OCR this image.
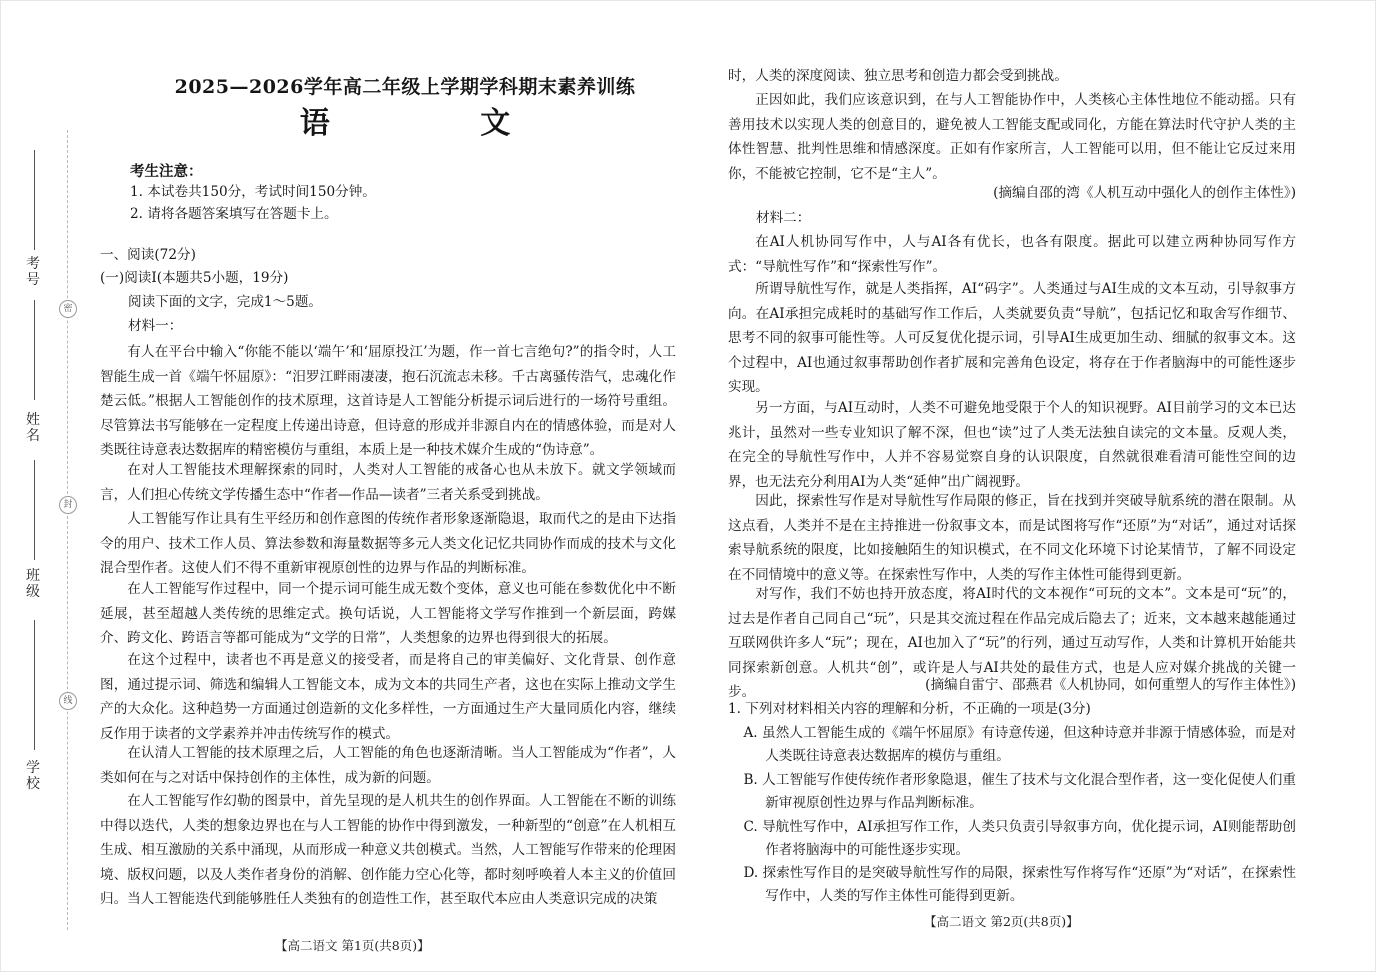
密
封
线
考号
姓名
班级
学校
2025—2026学年高二年级上学期学科期末素养训练
语 文
考生注意：
1. 本试卷共150分，考试时间150分钟。
2. 请将各题答案填写在答题卡上。
一、阅读(72分)
(一)阅读Ⅰ(本题共5小题，19分)
阅读下面的文字，完成1～5题。
材料一：

有人在平台中输入“你能不能以‘端午’和‘屈原投江’为题，作一首七言绝句?”的指令时，人工智能生成一首《端午怀屈原》：“汨罗江畔雨凄凄，抱石沉流志未移。千古离骚传浩气，忠魂化作楚云低。”根据人工智能创作的技术原理，这首诗是人工智能分析提示词后进行的一场符号重组。尽管算法书写能够在一定程度上传递出诗意，但诗意的形成并非源自内在的情感体验，而是对人类既往诗意表达数据库的精密模仿与重组，本质上是一种技术媒介生成的“伪诗意”。

在对人工智能技术理解探索的同时，人类对人工智能的戒备心也从未放下。就文学领域而言，人们担心传统文学传播生态中“作者—作品—读者”三者关系受到挑战。

人工智能写作让具有生平经历和创作意图的传统作者形象逐渐隐退，取而代之的是由下达指令的用户、技术工作人员、算法参数和海量数据等多元人类文化记忆共同协作而成的技术与文化混合型作者。这使人们不得不重新审视原创性的边界与作品的判断标准。

在人工智能写作过程中，同一个提示词可能生成无数个变体，意义也可能在参数优化中不断延展，甚至超越人类传统的思维定式。换句话说，人工智能将文学写作推到一个新层面，跨媒介、跨文化、跨语言等都可能成为“文学的日常”，人类想象的边界也得到很大的拓展。

在这个过程中，读者也不再是意义的接受者，而是将自己的审美偏好、文化背景、创作意图，通过提示词、筛选和编辑人工智能文本，成为文本的共同生产者，这也在实际上推动文学生产的大众化。这种趋势一方面通过创造新的文化多样性，一方面通过生产大量同质化内容，继续反作用于读者的文学素养并冲击传统写作的模式。

在认清人工智能的技术原理之后，人工智能的角色也逐渐清晰。当人工智能成为“作者”，人类如何在与之对话中保持创作的主体性，成为新的问题。

在人工智能写作幻勒的图景中，首先呈现的是人机共生的创作界面。人工智能在不断的训练中得以迭代，人类的想象边界也在与人工智能的协作中得到激发，一种新型的“创意”在人机相互生成、相互激励的关系中涌现，从而形成一种意义共创模式。当然，人工智能写作带来的伦理困境、版权问题，以及人类作者身份的消解、创作能力空心化等，都时刻呼唤着人本主义的价值回归。当人工智能迭代到能够胜任人类独有的创造性工作，甚至取代本应由人类意识完成的决策

【高二语文 第1页(共8页)】

时，人类的深度阅读、独立思考和创造力都会受到挑战。

正因如此，我们应该意识到，在与人工智能协作中，人类核心主体性地位不能动摇。只有善用技术以实现人类的创意目的，避免被人工智能支配或同化，方能在算法时代守护人类的主体性智慧、批判性思维和情感深度。正如有作家所言，人工智能可以用，但不能让它反过来用你，不能被它控制，它不是“主人”。

(摘编自邵的湾《人机互动中强化人的创作主体性》)
材料二：

在AI人机协同写作中，人与AI各有优长，也各有限度。据此可以建立两种协同写作方式：“导航性写作”和“探索性写作”。

所谓导航性写作，就是人类指挥，AI“码字”。人类通过与AI生成的文本互动，引导叙事方向。在AI承担完成耗时的基础写作工作后，人类就要负责“导航”，包括记忆和取舍写作细节、思考不同的叙事可能性等。人可反复优化提示词，引导AI生成更加生动、细腻的叙事文本。这个过程中，AI也通过叙事帮助创作者扩展和完善角色设定，将存在于作者脑海中的可能性逐步实现。

另一方面，与AI互动时，人类不可避免地受限于个人的知识视野。AI目前学习的文本已达兆计，虽然对一些专业知识了解不深，但也“读”过了人类无法独自读完的文本量。反观人类，在完全的导航性写作中，人并不容易觉察自身的认识限度，自然就很难看清可能性空间的边界，也无法充分利用AI为人类“延伸”出广阔视野。

因此，探索性写作是对导航性写作局限的修正，旨在找到并突破导航系统的潜在限制。从这点看，人类并不是在主持推进一份叙事文本，而是试图将写作“还原”为“对话”，通过对话探索导航系统的限度，比如接触陌生的知识模式，在不同文化环境下讨论某情节，了解不同设定在不同情境中的意义等。在探索性写作中，人类的写作主体性可能得到更新。

对写作，我们不妨也持开放态度，将AI时代的文本视作“可玩的文本”。文本是可“玩”的，过去是作者自己同自己“玩”，只是其交流过程在作品完成后隐去了；近来，文本越来越能通过互联网供许多人“玩”；现在，AI也加入了“玩”的行列，通过互动写作，人类和计算机开始能共同探索新创意。人机共“创”，或许是人与AI共处的最佳方式，也是人应对媒介挑战的关键一步。	(摘编自雷宁、邵燕君《人机协同，如何重塑人的写作主体性》)
1. 下列对材料相关内容的理解和分析，不正确的一项是(3分)

A. 虽然人工智能生成的《端午怀屈原》有诗意传递，但这种诗意并非源于情感体验，而是对人类既往诗意表达数据库的模仿与重组。

B. 人工智能写作使传统作者形象隐退，催生了技术与文化混合型作者，这一变化促使人们重新审视原创性边界与作品判断标准。

C. 导航性写作中，AI承担写作工作，人类只负责引导叙事方向，优化提示词，AI则能帮助创作者将脑海中的可能性逐步实现。

D. 探索性写作目的是突破导航性写作的局限，探索性写作将写作“还原”为“对话”，在探索性写作中，人类的写作主体性可能得到更新。

【高二语文 第2页(共8页)】
